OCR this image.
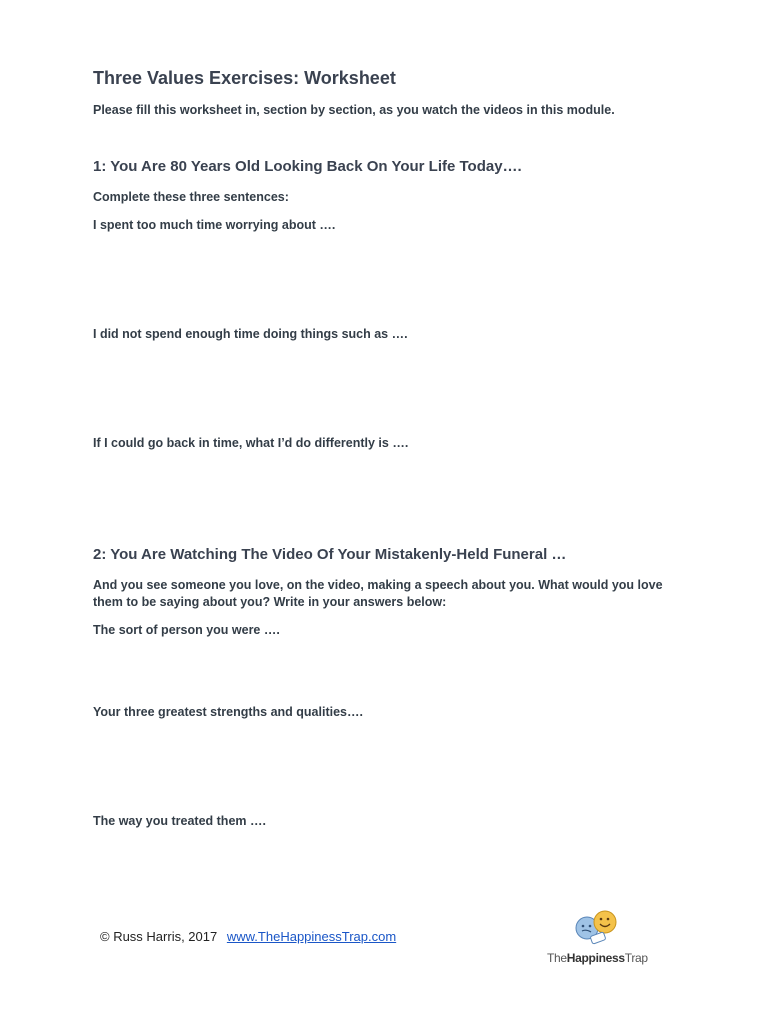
Three Values Exercises: Worksheet

Please fill this worksheet in, section by section, as you watch the videos in this module.

1: You Are 80 Years Old Looking Back On Your Life Today….

Complete these three sentences:

I spent too much time worrying about ….

I did not spend enough time doing things such as ….

If I could go back in time, what I’d do differently is ….

2: You Are Watching The Video Of Your Mistakenly-Held Funeral …

And you see someone you love, on the video, making a speech about you. What would you love them to be saying about you? Write in your answers below:

The sort of person you were ….

Your three greatest strengths and qualities….

The way you treated them ….

© Russ Harris, 2017 www.TheHappinessTrap.com
TheHappinessTrap
